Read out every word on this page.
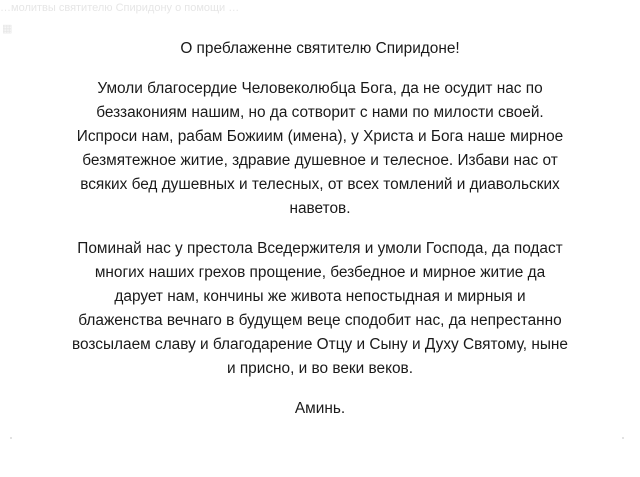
…молитвы святителю Спиридону о помощи …
▦

О преблаженне святителю Спиридоне!

Умоли благосердие Человеколюбца Бога, да не осудит нас по
беззакониям нашим, но да сотворит с нами по милости своей.
Испроси нам, рабам Божиим (имена), у Христа и Бога наше мирное
безмятежное житие, здравие душевное и телесное. Избави нас от
всяких бед душевных и телесных, от всех томлений и диавольских
наветов.

Поминай нас у престола Вседержителя и умоли Господа, да подаст
многих наших грехов прощение, безбедное и мирное житие да
дарует нам, кончины же живота непостыдная и мирныя и
блаженства вечнаго в будущем веце сподобит нас, да непрестанно
возсылаем славу и благодарение Отцу и Сыну и Духу Святому, ныне
и присно, и во веки веков.

Аминь.
